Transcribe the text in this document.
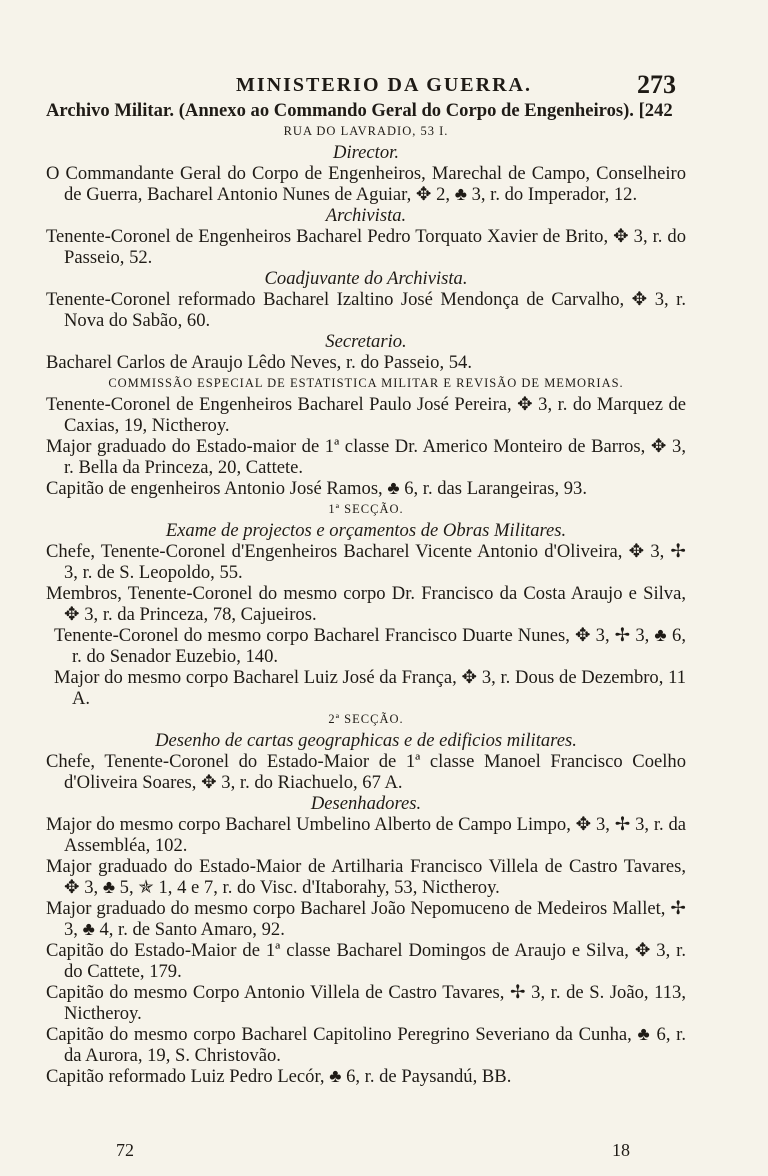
MINISTERIO DA GUERRA.	273

Archivo Militar. (Annexo ao Commando Geral do Corpo de Engenheiros). [242

RUA DO LAVRADIO, 53 I.

Director.

O Commandante Geral do Corpo de Engenheiros, Marechal de Campo, Conselheiro de Guerra, Bacharel Antonio Nunes de Aguiar, ✥ 2, ♣ 3, r. do Imperador, 12.

Archivista.

Tenente-Coronel de Engenheiros Bacharel Pedro Torquato Xavier de Brito, ✥ 3, r. do Passeio, 52.

Coadjuvante do Archivista.

Tenente-Coronel reformado Bacharel Izaltino José Mendonça de Carvalho, ✥ 3, r. Nova do Sabão, 60.

Secretario.

Bacharel Carlos de Araujo Lêdo Neves, r. do Passeio, 54.

COMMISSÃO ESPECIAL DE ESTATISTICA MILITAR E REVISÃO DE MEMORIAS.

Tenente-Coronel de Engenheiros Bacharel Paulo José Pereira, ✥ 3, r. do Marquez de Caxias, 19, Nictheroy.

Major graduado do Estado-maior de 1ª classe Dr. Americo Monteiro de Barros, ✥ 3, r. Bella da Princeza, 20, Cattete.

Capitão de engenheiros Antonio José Ramos, ♣ 6, r. das Larangeiras, 93.

1ª SECÇÃO.

Exame de projectos e orçamentos de Obras Militares.

Chefe, Tenente-Coronel d'Engenheiros Bacharel Vicente Antonio d'Oliveira, ✥ 3, ✢ 3, r. de S. Leopoldo, 55.

Membros, Tenente-Coronel do mesmo corpo Dr. Francisco da Costa Araujo e Silva, ✥ 3, r. da Princeza, 78, Cajueiros.

Tenente-Coronel do mesmo corpo Bacharel Francisco Duarte Nunes, ✥ 3, ✢ 3, ♣ 6, r. do Senador Euzebio, 140.

Major do mesmo corpo Bacharel Luiz José da França, ✥ 3, r. Dous de Dezembro, 11 A.

2ª SECÇÃO.

Desenho de cartas geographicas e de edificios militares.

Chefe, Tenente-Coronel do Estado-Maior de 1ª classe Manoel Francisco Coelho d'Oliveira Soares, ✥ 3, r. do Riachuelo, 67 A.

Desenhadores.

Major do mesmo corpo Bacharel Umbelino Alberto de Campo Limpo, ✥ 3, ✢ 3, r. da Assembléa, 102.

Major graduado do Estado-Maior de Artilharia Francisco Villela de Castro Tavares, ✥ 3, ♣ 5, ✯ 1, 4 e 7, r. do Visc. d'Itaborahy, 53, Nictheroy.

Major graduado do mesmo corpo Bacharel João Nepomuceno de Medeiros Mallet, ✢ 3, ♣ 4, r. de Santo Amaro, 92.

Capitão do Estado-Maior de 1ª classe Bacharel Domingos de Araujo e Silva, ✥ 3, r. do Cattete, 179.

Capitão do mesmo Corpo Antonio Villela de Castro Tavares, ✢ 3, r. de S. João, 113, Nictheroy.

Capitão do mesmo corpo Bacharel Capitolino Peregrino Severiano da Cunha, ♣ 6, r. da Aurora, 19, S. Christovão.

Capitão reformado Luiz Pedro Lecór, ♣ 6, r. de Paysandú, BB.

72	18
